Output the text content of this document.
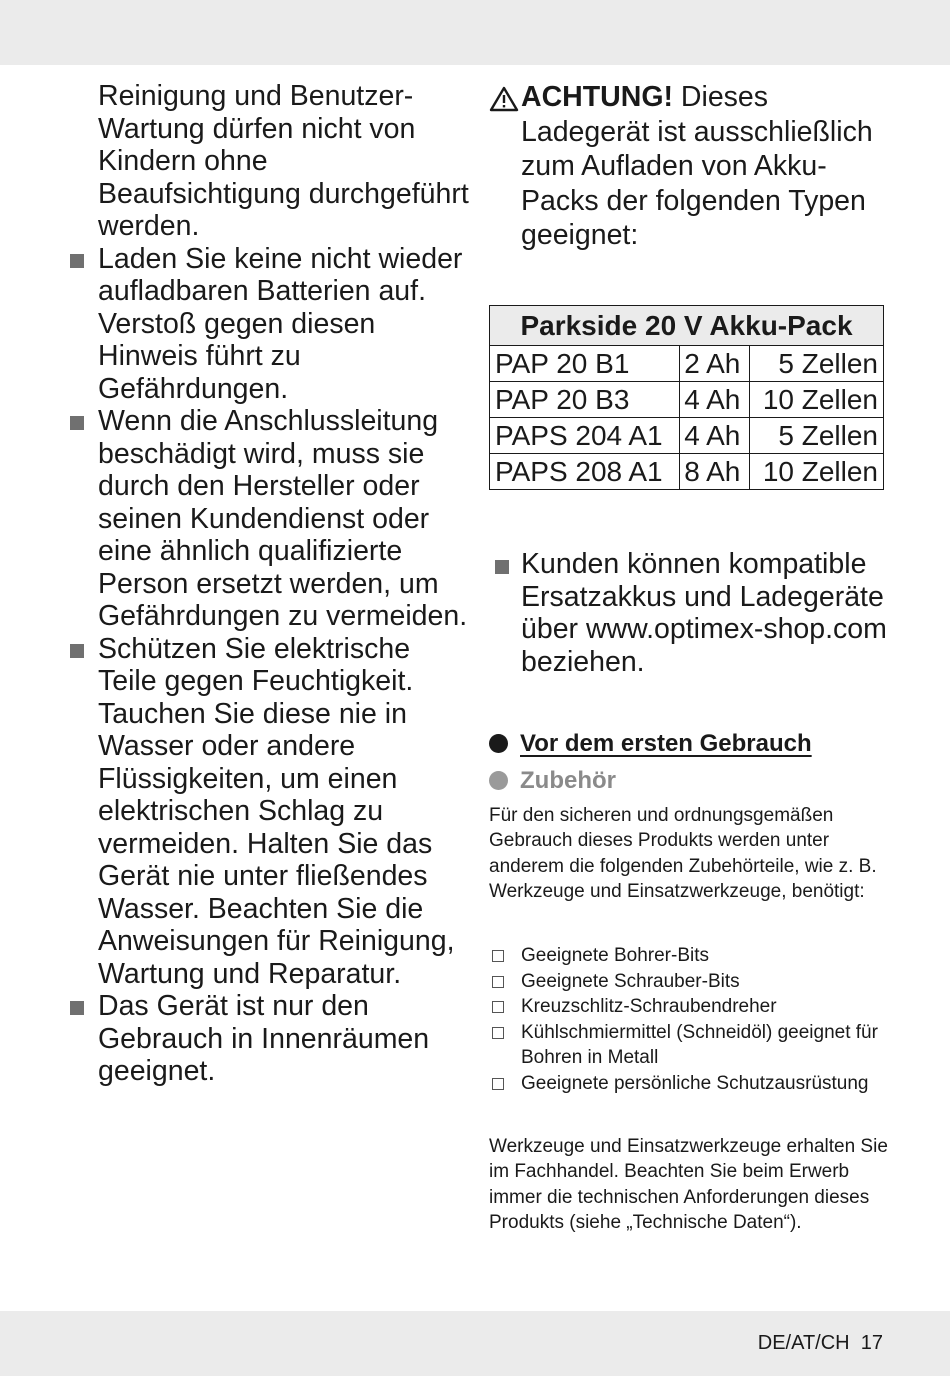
Reinigung und Benutzer-Wartung dürfen nicht von Kindern ohne Beaufsichtigung durchgeführt werden.

Laden Sie keine nicht wieder aufladbaren Batterien auf. Verstoß gegen diesen Hinweis führt zu Gefährdungen.

Wenn die Anschlussleitung beschädigt wird, muss sie durch den Hersteller oder seinen Kundendienst oder eine ähnlich qualifizierte Person ersetzt werden, um Gefährdungen zu vermeiden.

Schützen Sie elektrische Teile gegen Feuchtigkeit. Tauchen Sie diese nie in Wasser oder andere Flüssigkeiten, um einen elektrischen Schlag zu vermeiden. Halten Sie das Gerät nie unter fließendes Wasser. Beachten Sie die Anweisungen für Reinigung, Wartung und Reparatur.

Das Gerät ist nur den Gebrauch in Innenräumen geeignet.

ACHTUNG! Dieses Ladegerät ist ausschließlich zum Aufladen von Akku-Packs der folgenden Typen geeignet:
Parkside 20 V Akku-Pack		
PAP 20 B1	2 Ah	5 Zellen
PAP 20 B3	4 Ah	10 Zellen
PAPS 204 A1	4 Ah	5 Zellen
PAPS 208 A1	8 Ah	10 Zellen
Kunden können kompatible Ersatzakkus und Ladegeräte über www.optimex-shop.com beziehen.
Vor dem ersten Gebrauch
Zubehör
Für den sicheren und ordnungsgemäßen Gebrauch dieses Produkts werden unter anderem die folgenden Zubehörteile, wie z. B. Werkzeuge und Einsatzwerkzeuge, benötigt:
Geeignete Bohrer-Bits
Geeignete Schrauber-Bits
Kreuzschlitz-Schraubendreher
Kühlschmiermittel (Schneidöl) geeignet für Bohren in Metall
Geeignete persönliche Schutzausrüstung
Werkzeuge und Einsatzwerkzeuge erhalten Sie im Fachhandel. Beachten Sie beim Erwerb immer die technischen Anforderungen dieses Produkts (siehe „Technische Daten“).
DE/AT/CH 17
